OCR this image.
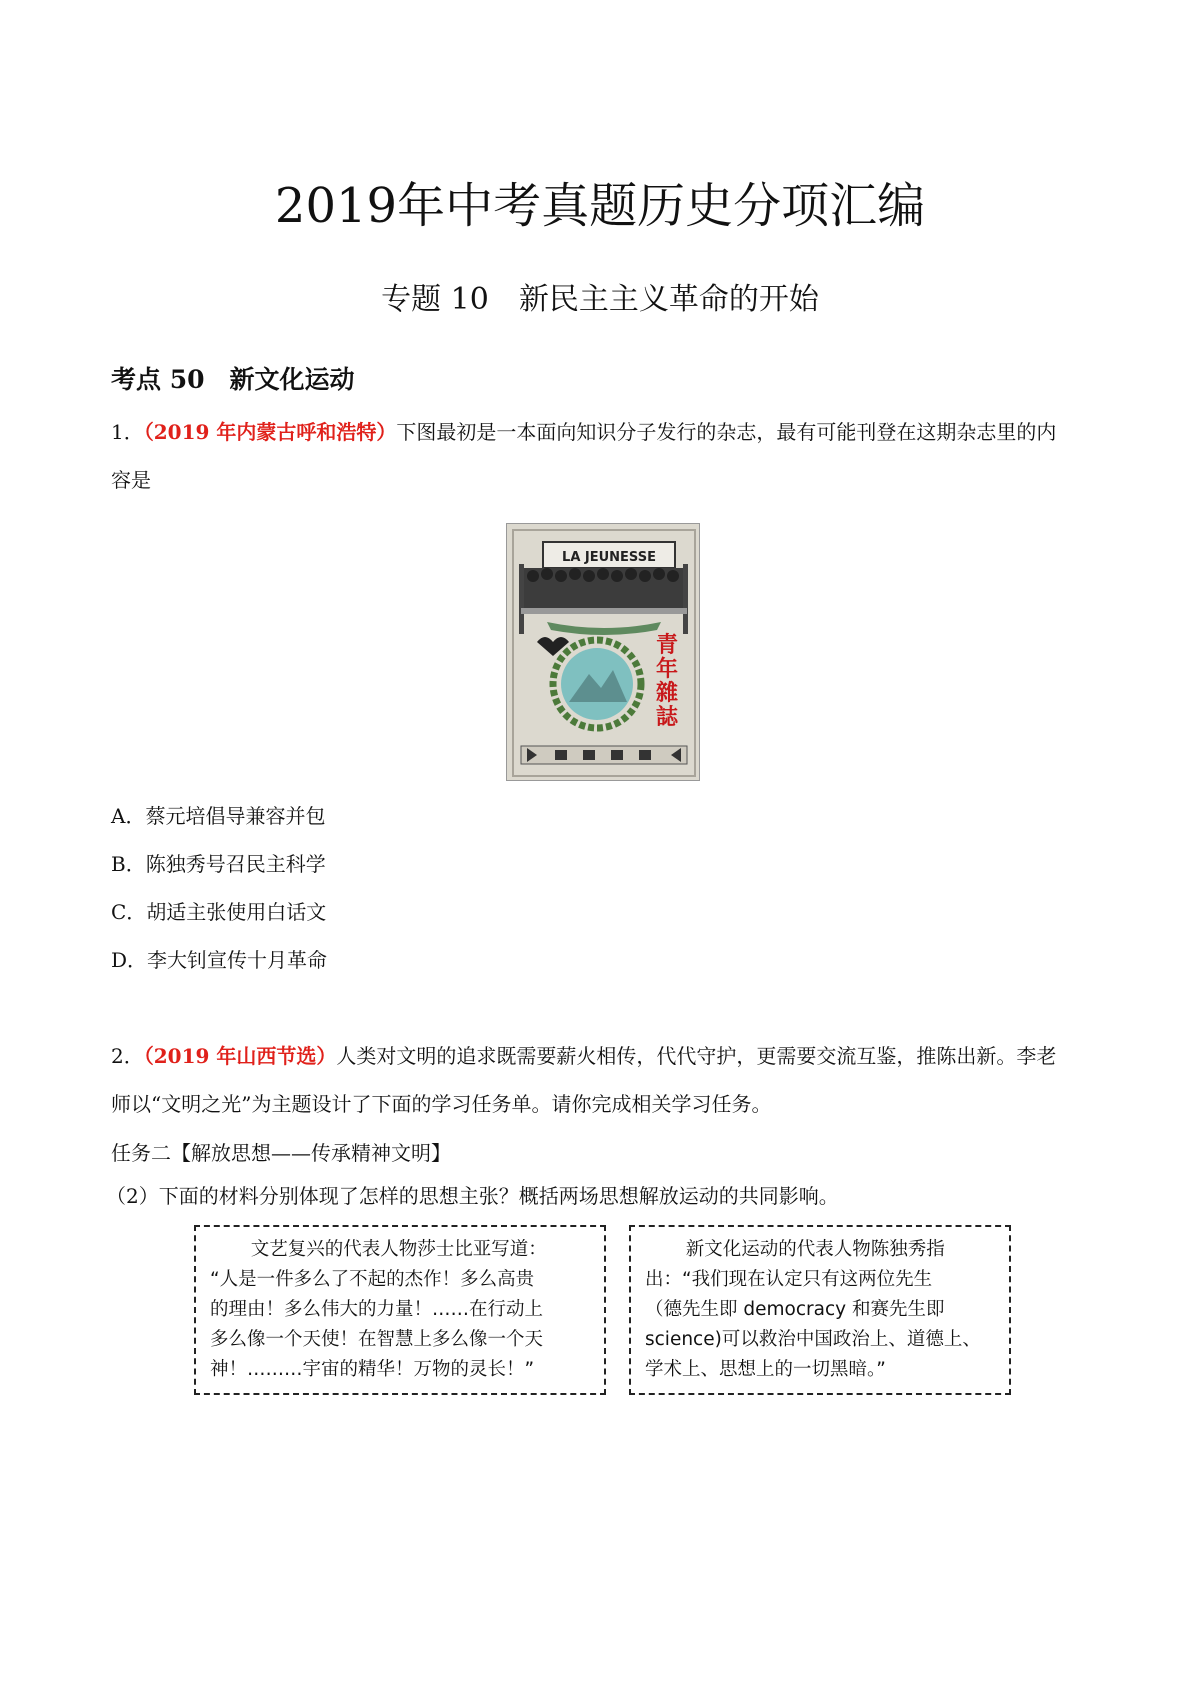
2019年中考真题历史分项汇编
专题 10　新民主主义革命的开始
考点 50　新文化运动
1．（2019 年内蒙古呼和浩特）下图最初是一本面向知识分子发行的杂志，最有可能刊登在这期杂志里的内
容是
LA JEUNESSE
青
年
雜
誌
A．蔡元培倡导兼容并包
B．陈独秀号召民主科学
C．胡适主张使用白话文
D．李大钊宣传十月革命
2．（2019 年山西节选）人类对文明的追求既需要薪火相传，代代守护，更需要交流互鉴，推陈出新。李老
师以“文明之光”为主题设计了下面的学习任务单。请你完成相关学习任务。
任务二【解放思想——传承精神文明】
（2）下面的材料分别体现了怎样的思想主张？概括两场思想解放运动的共同影响。
文艺复兴的代表人物莎士比亚写道：
“人是一件多么了不起的杰作！多么高贵
的理由！多么伟大的力量！……在行动上
多么像一个天使！在智慧上多么像一个天
神！………宇宙的精华！万物的灵长！”
新文化运动的代表人物陈独秀指
出：“我们现在认定只有这两位先生
（德先生即 democracy 和赛先生即
science)可以救治中国政治上、道德上、
学术上、思想上的一切黑暗。”
